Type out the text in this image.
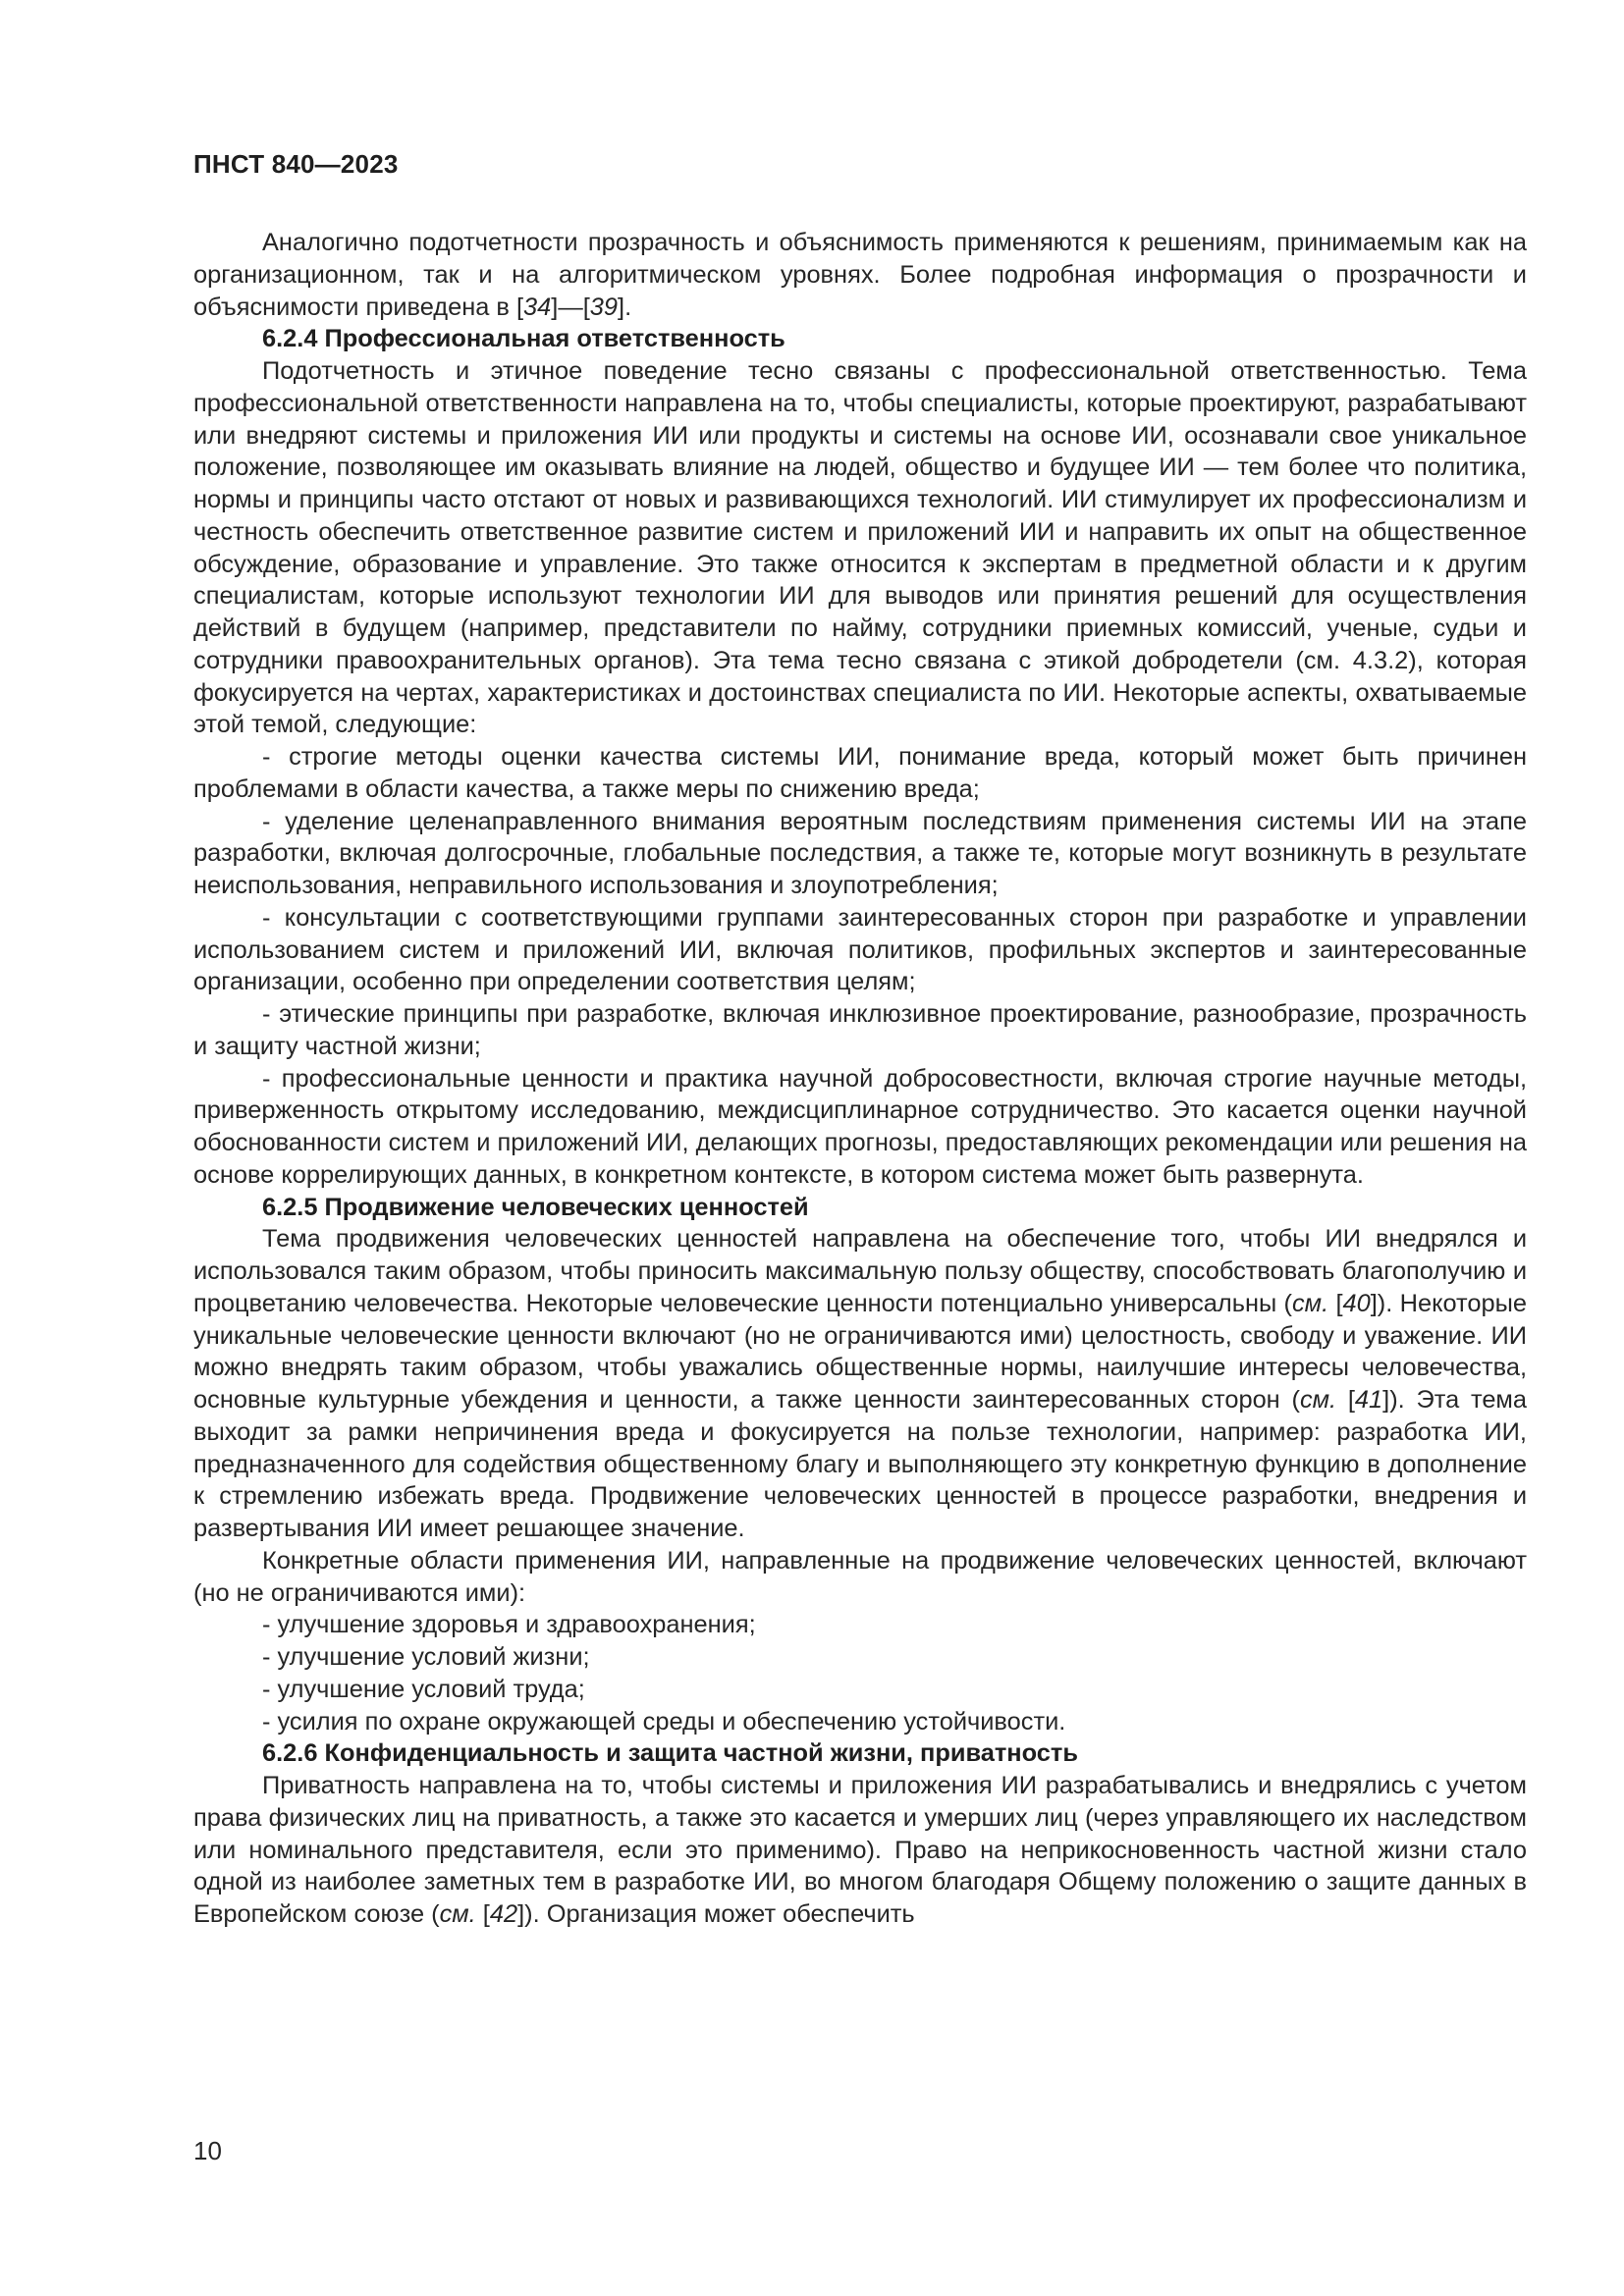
ПНСТ 840—2023

Аналогично подотчетности прозрачность и объяснимость применяются к решениям, принимаемым как на организационном, так и на алгоритмическом уровнях. Более подробная информация о прозрачности и объяснимости приведена в [34]—[39].

6.2.4 Профессиональная ответственность

Подотчетность и этичное поведение тесно связаны с профессиональной ответственностью. Тема профессиональной ответственности направлена на то, чтобы специалисты, которые проектируют, разрабатывают или внедряют системы и приложения ИИ или продукты и системы на основе ИИ, осознавали свое уникальное положение, позволяющее им оказывать влияние на людей, общество и будущее ИИ — тем более что политика, нормы и принципы часто отстают от новых и развивающихся технологий. ИИ стимулирует их профессионализм и честность обеспечить ответственное развитие систем и приложений ИИ и направить их опыт на общественное обсуждение, образование и управление. Это также относится к экспертам в предметной области и к другим специалистам, которые используют технологии ИИ для выводов или принятия решений для осуществления действий в будущем (например, представители по найму, сотрудники приемных комиссий, ученые, судьи и сотрудники правоохранительных органов). Эта тема тесно связана с этикой добродетели (см. 4.3.2), которая фокусируется на чертах, характеристиках и достоинствах специалиста по ИИ. Некоторые аспекты, охватываемые этой темой, следующие:

- строгие методы оценки качества системы ИИ, понимание вреда, который может быть причинен проблемами в области качества, а также меры по снижению вреда;

- уделение целенаправленного внимания вероятным последствиям применения системы ИИ на этапе разработки, включая долгосрочные, глобальные последствия, а также те, которые могут возникнуть в результате неиспользования, неправильного использования и злоупотребления;

- консультации с соответствующими группами заинтересованных сторон при разработке и управлении использованием систем и приложений ИИ, включая политиков, профильных экспертов и заинтересованные организации, особенно при определении соответствия целям;

- этические принципы при разработке, включая инклюзивное проектирование, разнообразие, прозрачность и защиту частной жизни;

- профессиональные ценности и практика научной добросовестности, включая строгие научные методы, приверженность открытому исследованию, междисциплинарное сотрудничество. Это касается оценки научной обоснованности систем и приложений ИИ, делающих прогнозы, предоставляющих рекомендации или решения на основе коррелирующих данных, в конкретном контексте, в котором система может быть развернута.

6.2.5 Продвижение человеческих ценностей

Тема продвижения человеческих ценностей направлена на обеспечение того, чтобы ИИ внедрялся и использовался таким образом, чтобы приносить максимальную пользу обществу, способствовать благополучию и процветанию человечества. Некоторые человеческие ценности потенциально универсальны (см. [40]). Некоторые уникальные человеческие ценности включают (но не ограничиваются ими) целостность, свободу и уважение. ИИ можно внедрять таким образом, чтобы уважались общественные нормы, наилучшие интересы человечества, основные культурные убеждения и ценности, а также ценности заинтересованных сторон (см. [41]). Эта тема выходит за рамки непричинения вреда и фокусируется на пользе технологии, например: разработка ИИ, предназначенного для содействия общественному благу и выполняющего эту конкретную функцию в дополнение к стремлению избежать вреда. Продвижение человеческих ценностей в процессе разработки, внедрения и развертывания ИИ имеет решающее значение.

Конкретные области применения ИИ, направленные на продвижение человеческих ценностей, включают (но не ограничиваются ими):

- улучшение здоровья и здравоохранения;

- улучшение условий жизни;

- улучшение условий труда;

- усилия по охране окружающей среды и обеспечению устойчивости.

6.2.6 Конфиденциальность и защита частной жизни, приватность

Приватность направлена на то, чтобы системы и приложения ИИ разрабатывались и внедрялись с учетом права физических лиц на приватность, а также это касается и умерших лиц (через управляющего их наследством или номинального представителя, если это применимо). Право на неприкосновенность частной жизни стало одной из наиболее заметных тем в разработке ИИ, во многом благодаря Общему положению о защите данных в Европейском союзе (см. [42]). Организация может обеспечить

10
